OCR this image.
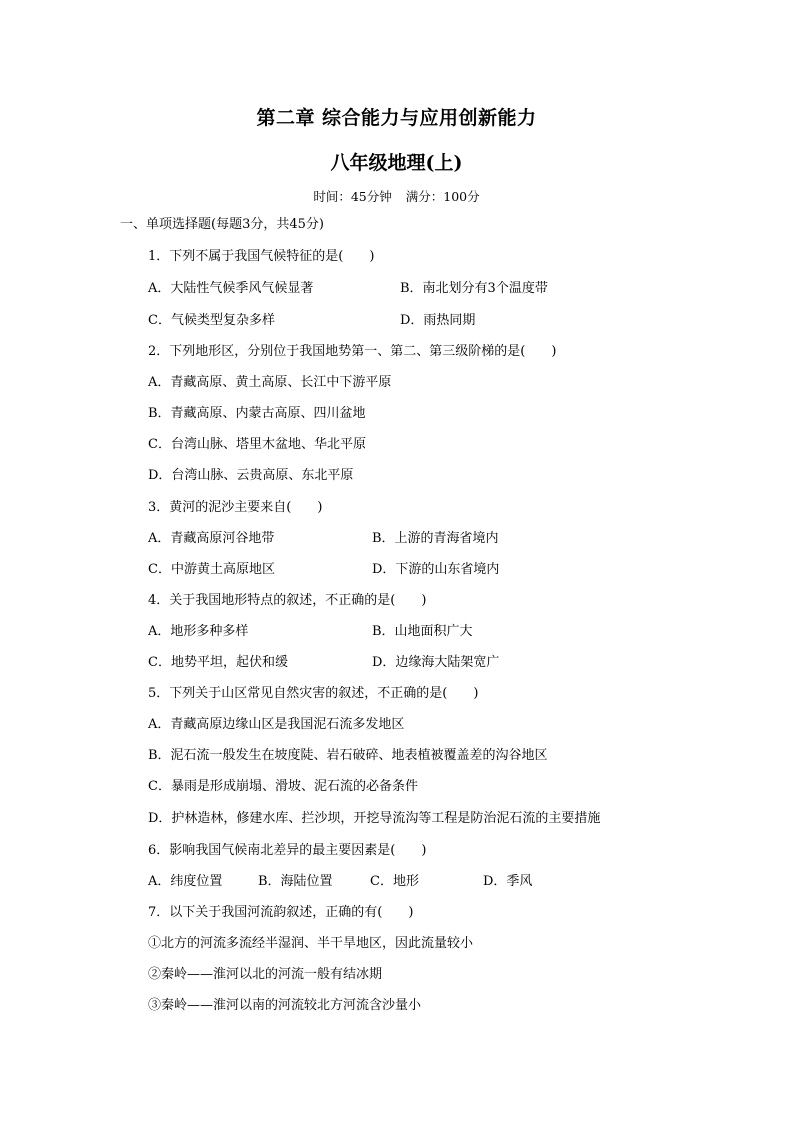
第二章 综合能力与应用创新能力
八年级地理(上)
时间：45分钟 满分：100分
一、单项选择题(每题3分，共45分)
1．下列不属于我国气候特征的是(　　)
A．大陆性气候季风气候显著	B．南北划分有3个温度带
C．气候类型复杂多样	D．雨热同期
2．下列地形区，分别位于我国地势第一、第二、第三级阶梯的是(　　)
A．青藏高原、黄土高原、长江中下游平原
B．青藏高原、内蒙古高原、四川盆地
C．台湾山脉、塔里木盆地、华北平原
D．台湾山脉、云贵高原、东北平原
3．黄河的泥沙主要来自(　　)
A．青藏高原河谷地带	B．上游的青海省境内
C．中游黄土高原地区	D．下游的山东省境内
4．关于我国地形特点的叙述，不正确的是(　　)
A．地形多种多样	B．山地面积广大
C．地势平坦，起伏和缓	D．边缘海大陆架宽广
5．下列关于山区常见自然灾害的叙述，不正确的是(　　)
A．青藏高原边缘山区是我国泥石流多发地区
B．泥石流一般发生在坡度陡、岩石破碎、地表植被覆盖差的沟谷地区
C．暴雨是形成崩塌、滑坡、泥石流的必备条件
D．护林造林，修建水库、拦沙坝，开挖导流沟等工程是防治泥石流的主要措施
6．影响我国气候南北差异的最主要因素是(　　)
A．纬度位置	B．海陆位置	C．地形	D．季风
7．以下关于我国河流韵叙述，正确的有(　　)
①北方的河流多流经半湿润、半干旱地区，因此流量较小
②秦岭——淮河以北的河流一般有结冰期
③秦岭——淮河以南的河流较北方河流含沙量小
